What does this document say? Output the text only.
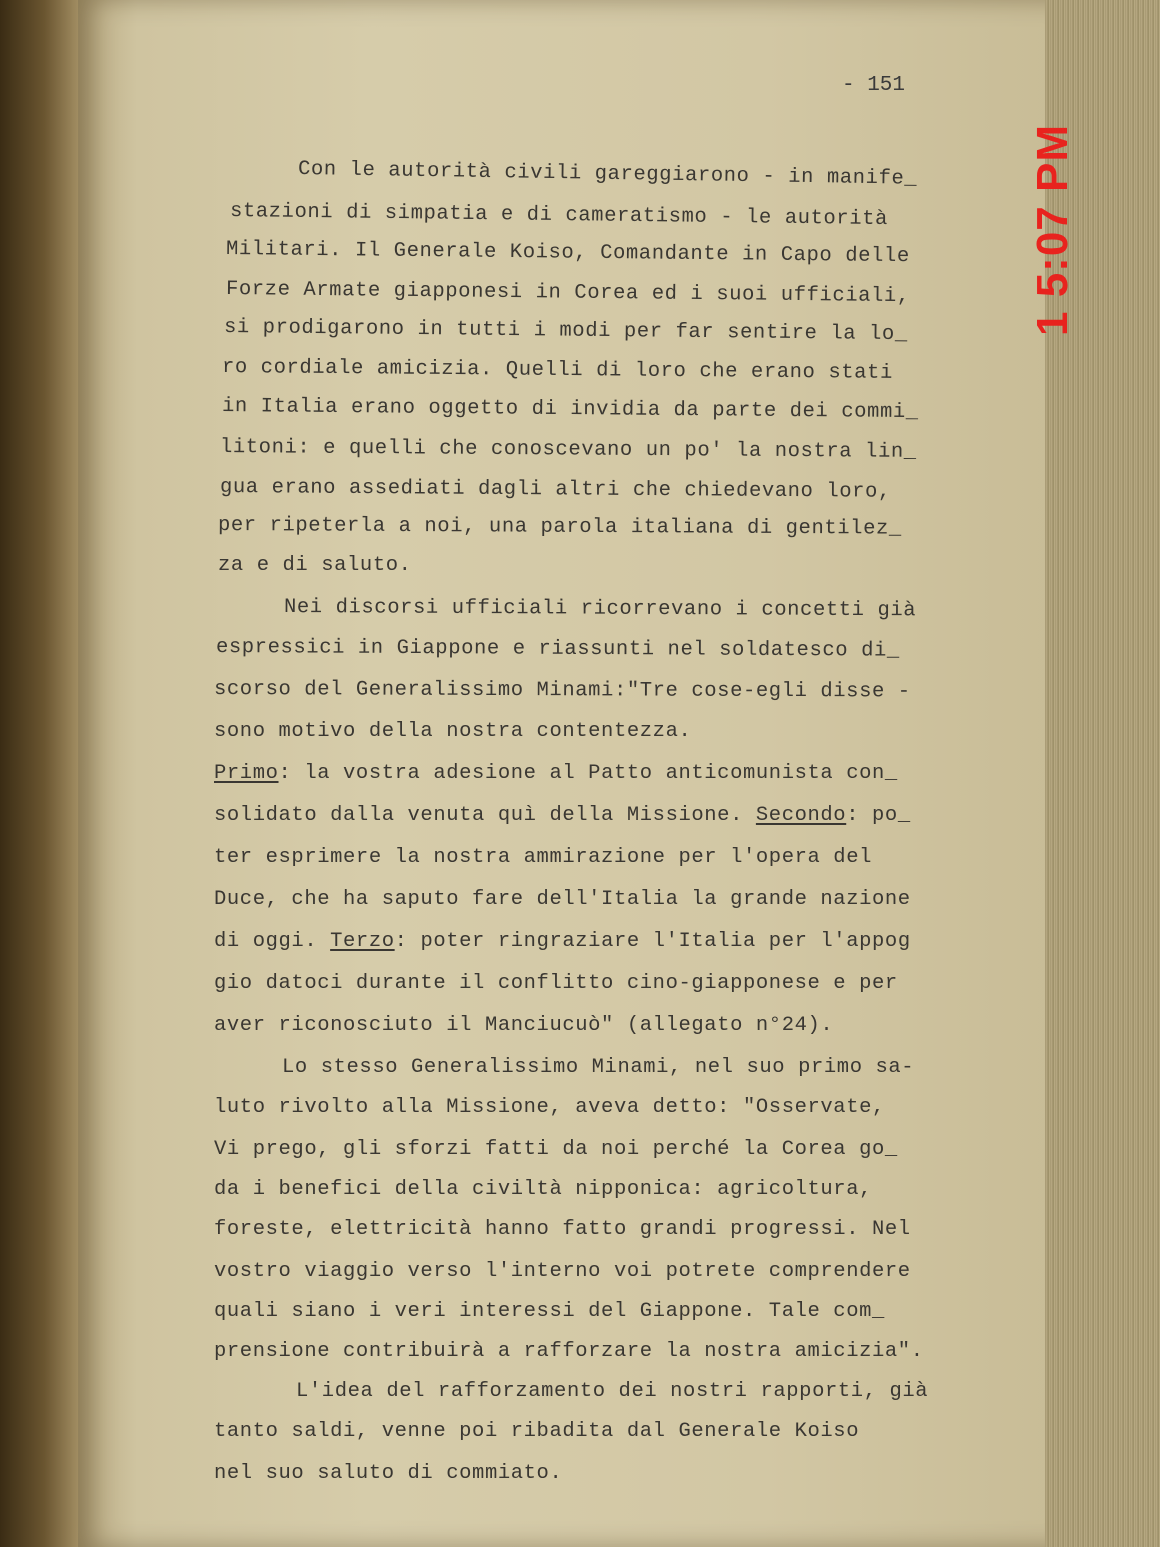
1 5:07 PM

- 151

Con le autorità civili gareggiarono - in manife_

stazioni di simpatia e di cameratismo - le autorità

Militari. Il Generale Koiso, Comandante in Capo delle

Forze Armate giapponesi in Corea ed i suoi ufficiali,

si prodigarono in tutti i modi per far sentire la lo_

ro cordiale amicizia. Quelli di loro che erano stati

in Italia erano oggetto di invidia da parte dei commi_

litoni: e quelli che conoscevano un po' la nostra lin_

gua erano assediati dagli altri che chiedevano loro,

per ripeterla a noi, una parola italiana di gentilez_

za e di saluto.

Nei discorsi ufficiali ricorrevano i concetti già

espressici in Giappone e riassunti nel soldatesco di_

scorso del Generalissimo Minami:"Tre cose-egli disse -

sono motivo della nostra contentezza.

Primo: la vostra adesione al Patto anticomunista con_

solidato dalla venuta quì della Missione. Secondo: po_

ter esprimere la nostra ammirazione per l'opera del

Duce, che ha saputo fare dell'Italia la grande nazione

di oggi. Terzo: poter ringraziare l'Italia per l'appog

gio datoci durante il conflitto cino-giapponese e per

aver riconosciuto il Manciucuò" (allegato n°24).

Lo stesso Generalissimo Minami, nel suo primo sa-

luto rivolto alla Missione, aveva detto: "Osservate,

Vi prego, gli sforzi fatti da noi perché la Corea go_

da i benefici della civiltà nipponica: agricoltura,

foreste, elettricità hanno fatto grandi progressi. Nel

vostro viaggio verso l'interno voi potrete comprendere

quali siano i veri interessi del Giappone. Tale com_

prensione contribuirà a rafforzare la nostra amicizia".

L'idea del rafforzamento dei nostri rapporti, già

tanto saldi, venne poi ribadita dal Generale Koiso

nel suo saluto di commiato.
